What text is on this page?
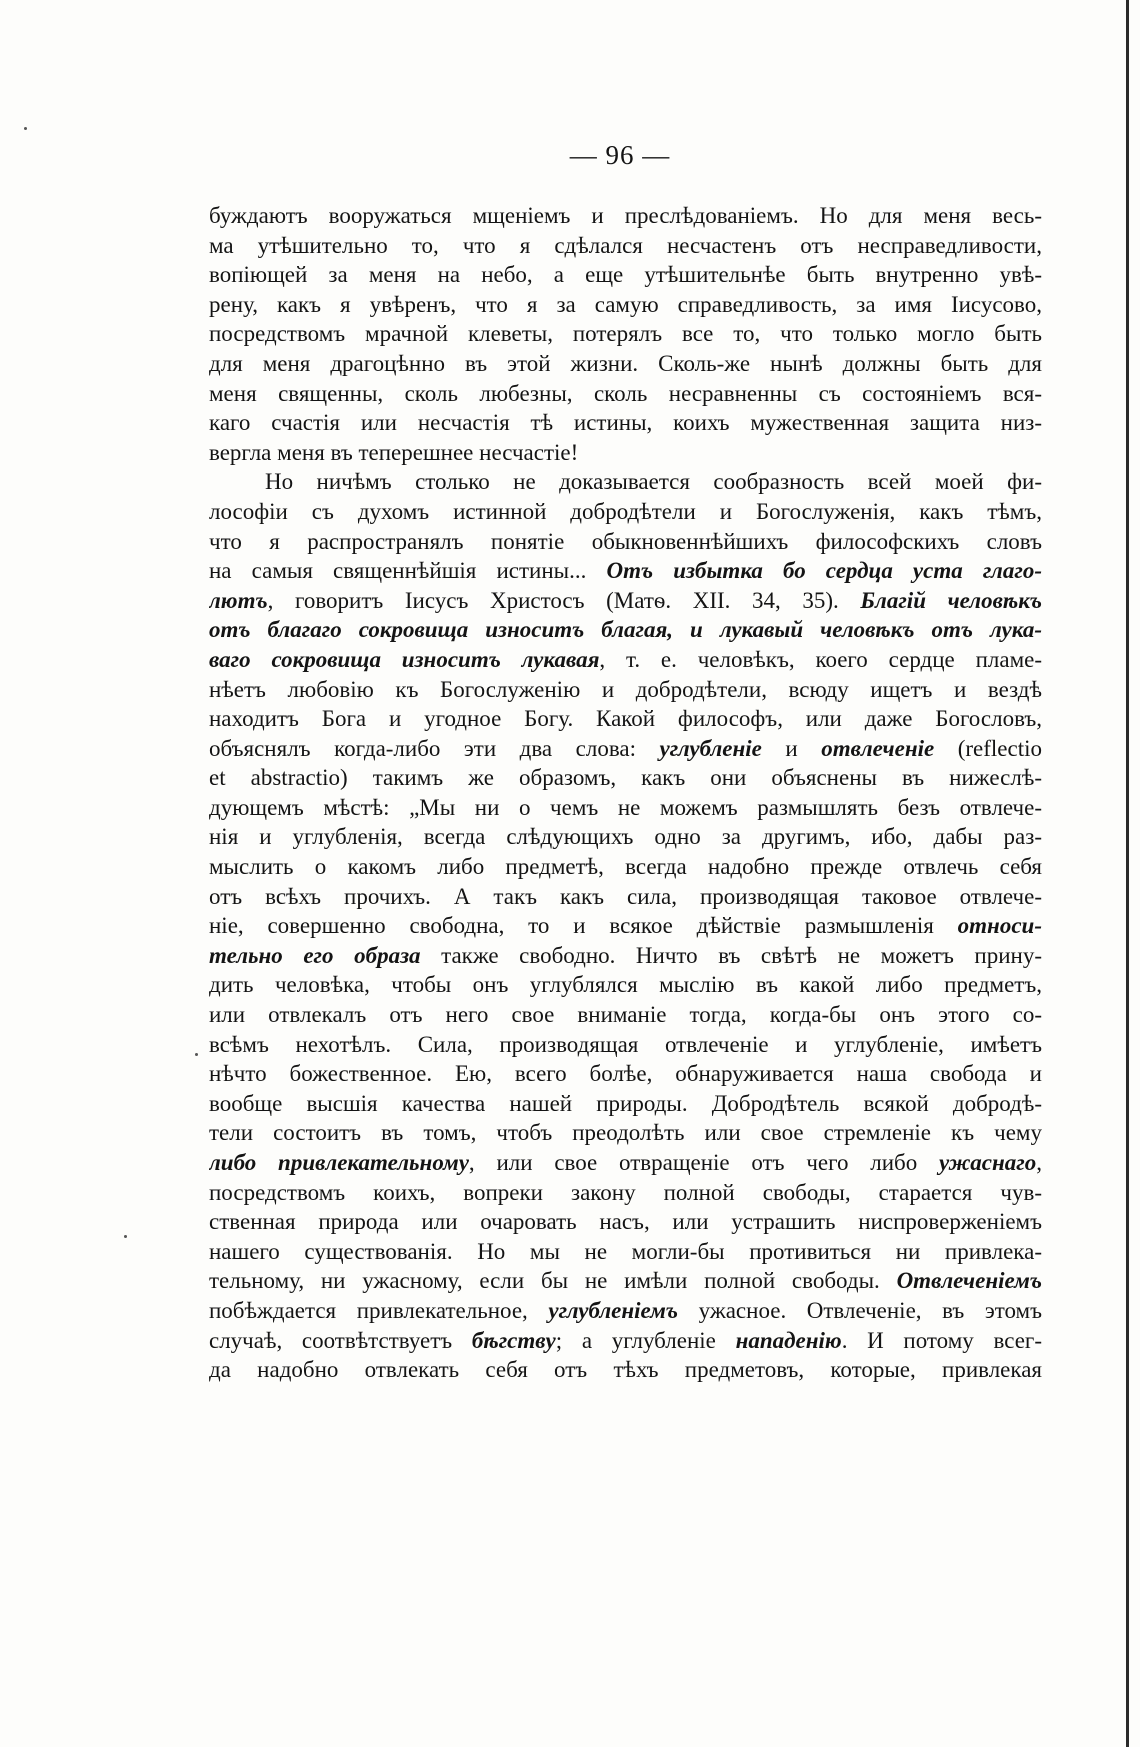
— 96 —
буждаютъ вооружаться мщеніемъ и преслѣдованіемъ. Но для меня весь-
ма утѣшительно то, что я сдѣлался несчастенъ отъ несправедливости,
вопіющей за меня на небо, а еще утѣшительнѣе быть внутренно увѣ-
рену, какъ я увѣренъ, что я за самую справедливость, за имя Іисусово,
посредствомъ мрачной клеветы, потерялъ все то, что только могло быть
для меня драгоцѣнно въ этой жизни. Сколь-же нынѣ должны быть для
меня священны, сколь любезны, сколь несравненны съ состояніемъ вся-
каго счастія или несчастія тѣ истины, коихъ мужественная защита низ-
вергла меня въ теперешнее несчастіе!
Но ничѣмъ столько не доказывается сообразность всей моей фи-
лософіи съ духомъ истинной добродѣтели и Богослуженія, какъ тѣмъ,
что я распространялъ понятіе обыкновеннѣйшихъ философскихъ словъ
на самыя священнѣйшія истины... Отъ избытка бо сердца уста глаго-
лютъ, говоритъ Іисусъ Христосъ (Матѳ. XII. 34, 35). Благій человѣкъ
отъ благаго сокровища износитъ благая, и лукавый человѣкъ отъ лука-
ваго сокровища износитъ лукавая, т. е. человѣкъ, коего сердце пламе-
нѣетъ любовію къ Богослуженію и добродѣтели, всюду ищетъ и вездѣ
находитъ Бога и угодное Богу. Какой философъ, или даже Богословъ,
объяснялъ когда-либо эти два слова: углубленіе и отвлеченіе (reflectio
et abstractio) такимъ же образомъ, какъ они объяснены въ нижеслѣ-
дующемъ мѣстѣ: „Мы ни о чемъ не можемъ размышлять безъ отвлече-
нія и углубленія, всегда слѣдующихъ одно за другимъ, ибо, дабы раз-
мыслить о какомъ либо предметѣ, всегда надобно прежде отвлечь себя
отъ всѣхъ прочихъ. А такъ какъ сила, производящая таковое отвлече-
ніе, совершенно свободна, то и всякое дѣйствіе размышленія относи-
тельно его образа также свободно. Ничто въ свѣтѣ не можетъ прину-
дить человѣка, чтобы онъ углублялся мыслію въ какой либо предметъ,
или отвлекалъ отъ него свое вниманіе тогда, когда-бы онъ этого со-
всѣмъ нехотѣлъ. Сила, производящая отвлеченіе и углубленіе, имѣетъ
нѣчто божественное. Ею, всего болѣе, обнаруживается наша свобода и
вообще высшія качества нашей природы. Добродѣтель всякой добродѣ-
тели состоитъ въ томъ, чтобъ преодолѣть или свое стремленіе къ чему
либо привлекательному, или свое отвращеніе отъ чего либо ужаснаго,
посредствомъ коихъ, вопреки закону полной свободы, старается чув-
ственная природа или очаровать насъ, или устрашить ниспроверженіемъ
нашего существованія. Но мы не могли-бы противиться ни привлека-
тельному, ни ужасному, если бы не имѣли полной свободы. Отвлеченіемъ
побѣждается привлекательное, углубленіемъ ужасное. Отвлеченіе, въ этомъ
случаѣ, соотвѣтствуетъ бѣгству; а углубленіе нападенію. И потому всег-
да надобно отвлекать себя отъ тѣхъ предметовъ, которые, привлекая
